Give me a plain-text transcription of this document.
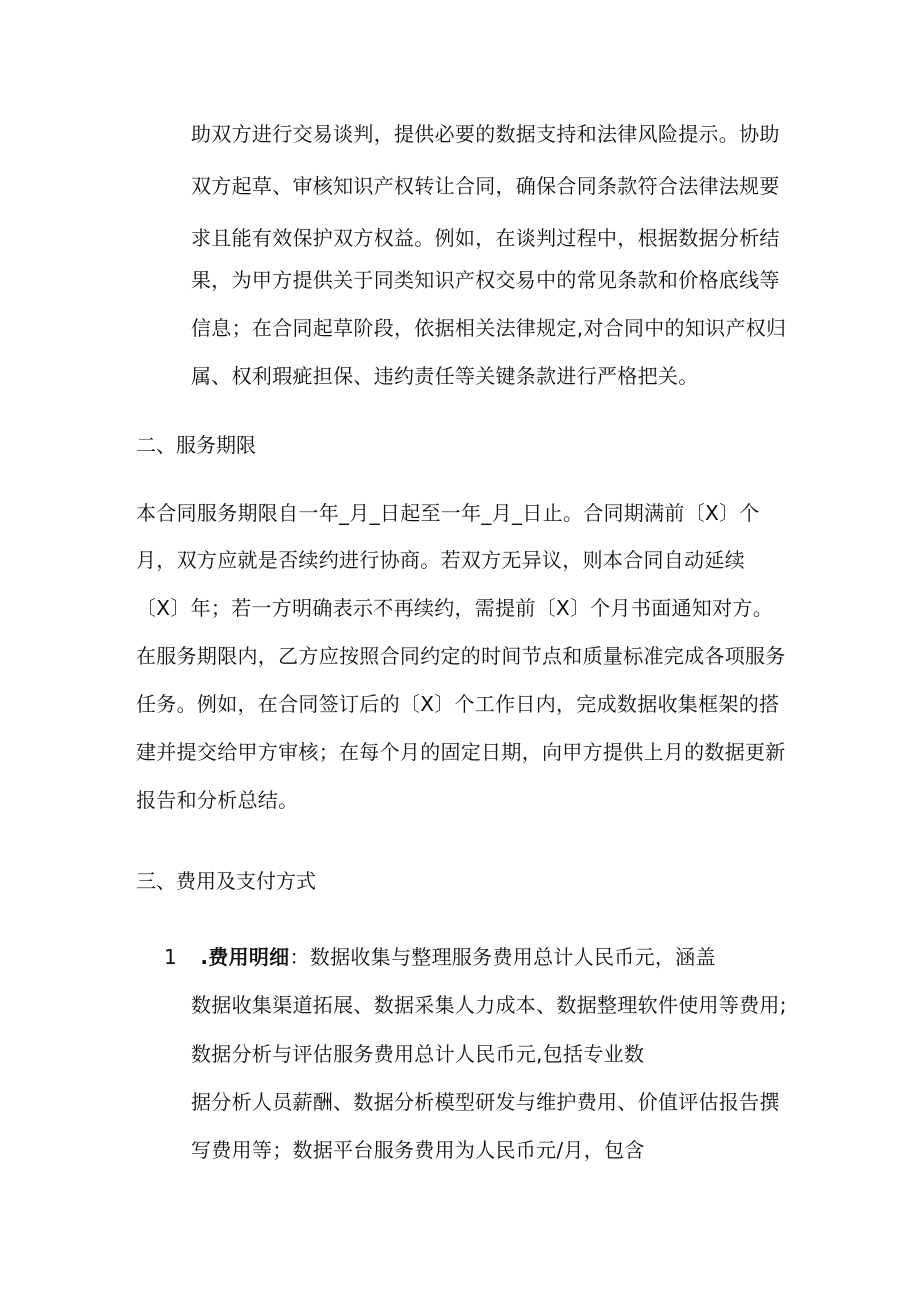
助双方进行交易谈判，提供必要的数据支持和法律风险提示。协助
双方起草、审核知识产权转让合同，确保合同条款符合法律法规要
求且能有效保护双方权益。例如，在谈判过程中，根据数据分析结
果，为甲方提供关于同类知识产权交易中的常见条款和价格底线等
信息；在合同起草阶段，依据相关法律规定,对合同中的知识产权归
属、权利瑕疵担保、违约责任等关键条款进行严格把关。
二、服务期限
本合同服务期限自一年_月_日起至一年_月_日止。合同期满前〔X〕个
月，双方应就是否续约进行协商。若双方无异议，则本合同自动延续
〔X〕年；若一方明确表示不再续约，需提前〔X〕个月书面通知对方。
在服务期限内，乙方应按照合同约定的时间节点和质量标准完成各项服务
任务。例如，在合同签订后的〔X〕个工作日内，完成数据收集框架的搭
建并提交给甲方审核；在每个月的固定日期，向甲方提供上月的数据更新
报告和分析总结。
三、费用及支付方式
1 .费用明细：数据收集与整理服务费用总计人民币元，涵盖
数据收集渠道拓展、数据采集人力成本、数据整理软件使用等费用;
数据分析与评估服务费用总计人民币元,包括专业数
据分析人员薪酬、数据分析模型研发与维护费用、价值评估报告撰
写费用等；数据平台服务费用为人民币元/月，包含
